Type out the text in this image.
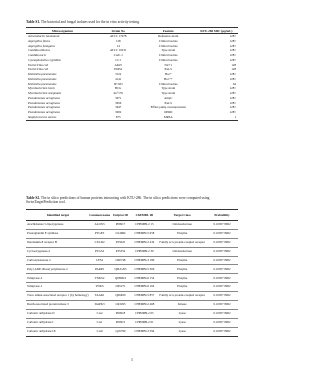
Table S1. The bacterial and fungal isolates used for the in vitro activity testing.
Microorganism	Strain No	Feature	KTU-286 MIC (μg/mL)
Acinetobacter baumannii	ATCC 17978	Reference strain	128<
Aspergillus flavus	128	Clinical isolate	128<
Aspergillus fumigatus	14	Clinical isolate	128<
Candida albicans	ATCC 10231	Type strain	128<
Candida auris	CAU-1	Clinical isolate	128<
Cyanophomella cryptiliten	CC1	Clinical isolate	128<
Escherichia coli	AR25	Ntr+1	128
Escherichia coli	Eh95a	Pan-S	128
Klebsiella pneumoniae	3122	Hoc+	128<
Klebsiella pneumoniae	4141	Hoc++	128<
Klebsiella pneumoniae	IP 3O3	Clinical isolate	64
Mycobacterium bovis	BCG	Type strain	128<
Mycobacterium smegmatis	mc²155	Type strain	128<
Pseudomonas aeruginosa	3071	AmpC	128<
Pseudomonas aeruginosa	3656	Pan-S	128<
Pseudomonas aeruginosa	3647	Efflux pump overexpression	128<
Pseudomonas aeruginosa	3002	OPRD	128<
Staphylococcus aureus	875	MRSA	1
Table S2. The in silico predictions of human proteins interacting with KTU-286. The in silico predictions were computed using SwissTargetPrediction tool.
Identified target	Common name	Uniprot ID	ChEMBL ID	Target Class	Probability
Arachidonate 5-lipoxygenase	ALOX5	P09917	CHEMBL2 15	Oxidoreductase	0.10057 8902
Prostaglandin E synthase	PTGES	O14684	CHEMBL5 658	Enzyme	0.10057 8902
Interleukin-8 receptor B	CXCR2	P25025	CHEMBL2 434	Family A G protein-coupled receptor	0.10057 8902
Cyclooxygenase-2	PTGS2	P35354	CHEMBL2 30	Oxidoreductase	0.10057 8902
Carboxylesterase 2	CES2	O00748	CHEMBL3 180	Enzyme	0.10057 8902
Poly [ADP-ribose] polymerase 2	PARP2	Q9UGN5	CHEMBL5 366	Enzyme	0.10057 8902
Tankyrase-2	TNKS2	Q9H2K2	CHEMBL6 154	Enzyme	0.10057 8902
Tankyrase-1	TNKS	O95271	CHEMBL6 164	Enzyme	0.10057 8902
Trace amine-associated receptor 1 (by homology)	TAAR1	Q96RJ0	CHEMBL5 857	Family A G protein-coupled receptor	0.10057 8902
Death-associated protein kinase 3	DAPK3	O43293	CHEMBL2 468	Kinase	0.10057 8902
Carbonic anhydrase II	CA2	P00918	CHEMBL2 05	Lyase	0.10057 8902
Carbonic anhydrase I	CA1	P00915	CHEMBL2 61	Lyase	0.10057 8902
Carbonic anhydrase IX	CA9	Q16790	CHEMBL3 594	Lyase	0.10057 8902
1
